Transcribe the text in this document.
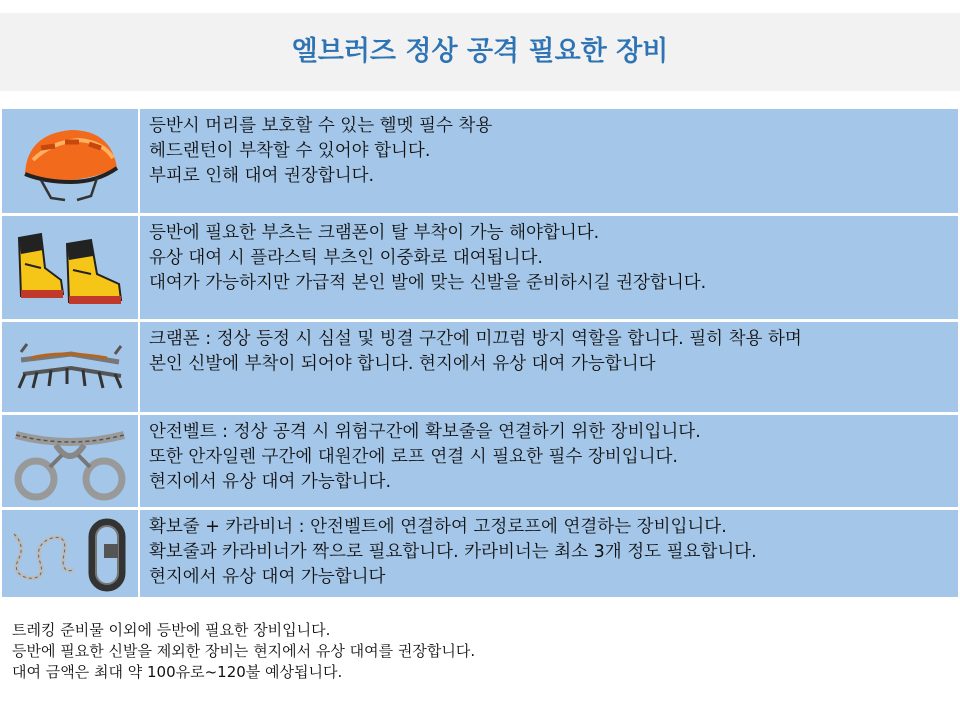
엘브러즈 정상 공격 필요한 장비
등반시 머리를 보호할 수 있는 헬멧 필수 착용
헤드랜턴이 부착할 수 있어야 합니다.
부피로 인해 대여 권장합니다.
등반에 필요한 부츠는 크램폰이 탈 부착이 가능 해야합니다.
유상 대여 시 플라스틱 부츠인 이중화로 대여됩니다.
대여가 가능하지만 가급적 본인 발에 맞는 신발을 준비하시길 권장합니다.
크램폰 : 정상 등정 시 심설 및 빙결 구간에 미끄럼 방지 역할을 합니다. 필히 착용 하며
본인 신발에 부착이 되어야 합니다. 현지에서 유상 대여 가능합니다
안전벨트 : 정상 공격 시 위험구간에 확보줄을 연결하기 위한 장비입니다.
또한 안자일렌 구간에 대원간에 로프 연결 시 필요한 필수 장비입니다.
현지에서 유상 대여 가능합니다.
확보줄 + 카라비너 : 안전벨트에 연결하여 고정로프에 연결하는 장비입니다.
확보줄과 카라비너가 짝으로 필요합니다. 카라비너는 최소 3개 정도 필요합니다.
현지에서 유상 대여 가능합니다
트레킹 준비물 이외에 등반에 필요한 장비입니다.
등반에 필요한 신발을 제외한 장비는 현지에서 유상 대여를 권장합니다.
대여 금액은 최대 약 100유로~120불 예상됩니다.
